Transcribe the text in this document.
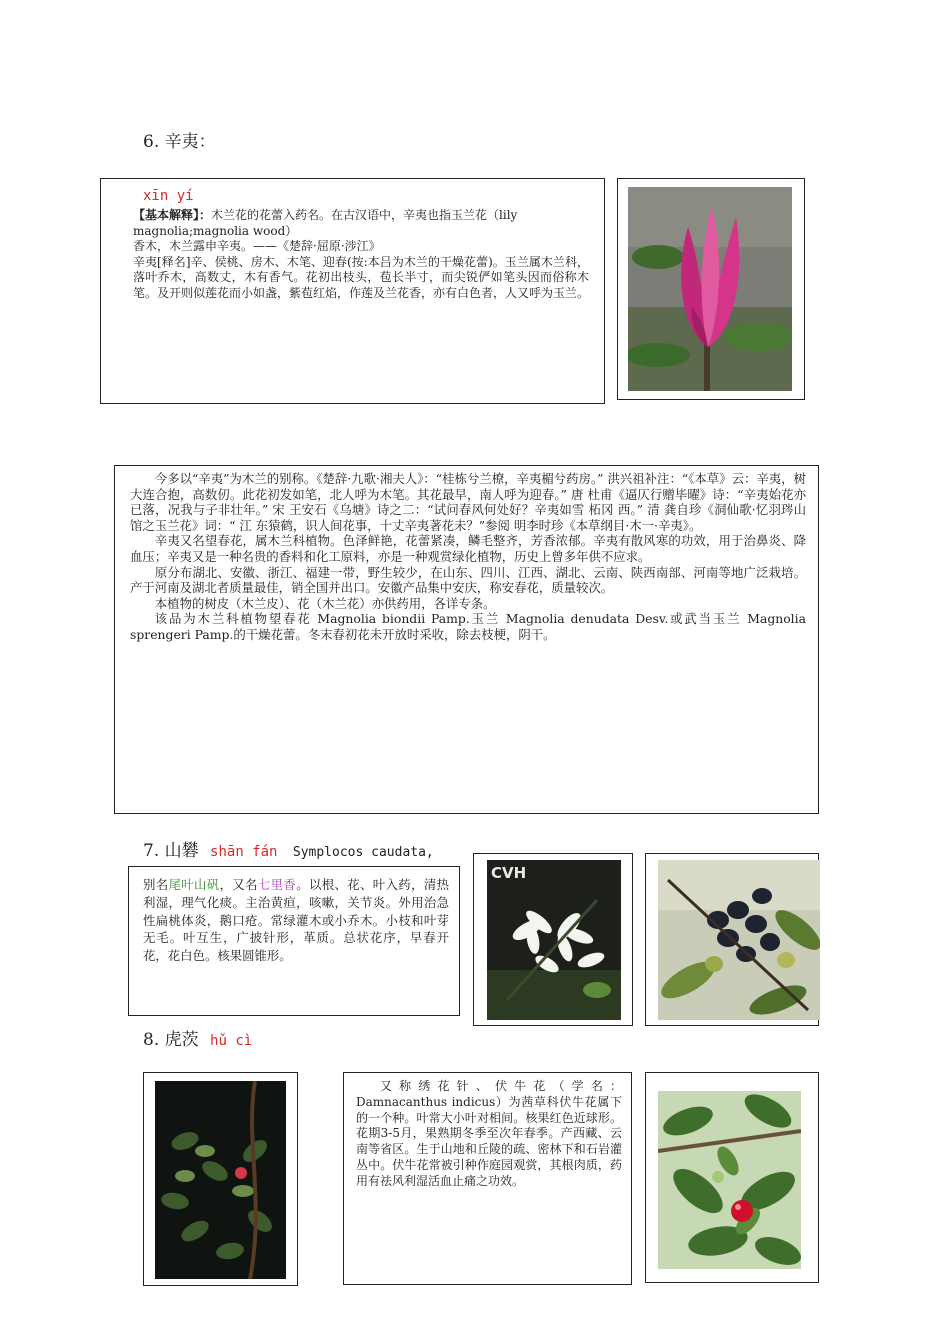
6. 辛夷：
xīn yí

【基本解释】：木兰花的花蕾入药名。在古汉语中，辛夷也指玉兰花（lily magnolia;magnolia wood）

香木，木兰露申辛夷。——《楚辞·屈原·涉江》

辛夷[释名]辛、侯桃、房木、木笔、迎春(按:本吕为木兰的干燥花蕾)。玉兰属木兰科，落叶乔木，高数丈，木有香气。花初出枝头，苞长半寸，而尖锐俨如笔头因而俗称木笔。及开则似莲花而小如盏，紫苞红焰，作莲及兰花香，亦有白色者，人又呼为玉兰。

今多以“辛夷”为木兰的别称。《楚辞·九歌·湘夫人》：“桂栋兮兰橑，辛夷楣兮药房。” 洪兴祖补注：“《本草》云：辛夷，树大连合抱，高数仞。此花初发如笔，北人呼为木笔。其花最早，南人呼为迎春。” 唐 杜甫《逼仄行赠毕曜》诗：“辛夷始花亦已落，况我与子非壮年。” 宋 王安石《乌塘》诗之二：“试问春风何处好？辛夷如雪 柘冈 西。” 清 龚自珍《洞仙歌·忆羽琌山馆之玉兰花》词：“ 江 东猿鹤，识人间花事，十丈辛夷著花未？”参阅 明李时珍《本草纲目·木一·辛夷》。

辛夷又名望春花，属木兰科植物。色泽鲜艳，花蕾紧凑，鳞毛整齐，芳香浓郁。辛夷有散风寒的功效，用于治鼻炎、降血压；辛夷又是一种名贵的香料和化工原料，亦是一种观赏绿化植物，历史上曾多年供不应求。

原分布湖北、安徽、浙江、福建一带，野生较少，在山东、四川、江西、湖北、云南、陕西南部、河南等地广泛栽培。产于河南及湖北者质量最佳，销全国并出口。安徽产品集中安庆，称安春花，质量较次。

本植物的树皮（木兰皮）、花（木兰花）亦供药用，各详专条。

该品为木兰科植物望春花 Magnolia biondii Pamp.玉兰 Magnolia denudata Desv.或武当玉兰 Magnolia sprengeri Pamp.的干燥花蕾。冬末春初花未开放时采收，除去枝梗，阴干。

7. 山礬 shān fán Symplocos caudata,
别名尾叶山矾，又名七里香。以根、花、叶入药，清热利湿，理气化痰。主治黄疸，咳嗽，关节炎。外用治急性扁桃体炎，鹅口疮。常绿灌木或小乔木。小枝和叶芽无毛。叶互生，广披针形，革质。总状花序，早春开花，花白色。核果圆锥形。
CVH
8. 虎茨 hǔ cì

又称绣花针、伏牛花（学名：Damnacanthus indicus）为茜草科伏牛花属下的一个种。叶常大小叶对相间。核果红色近球形。花期3-5月，果熟期冬季至次年春季。产西藏、云南等省区。生于山地和丘陵的疏、密林下和石岩灌丛中。伏牛花常被引种作庭园观赏，其根肉质，药用有祛风利湿活血止痛之功效。
